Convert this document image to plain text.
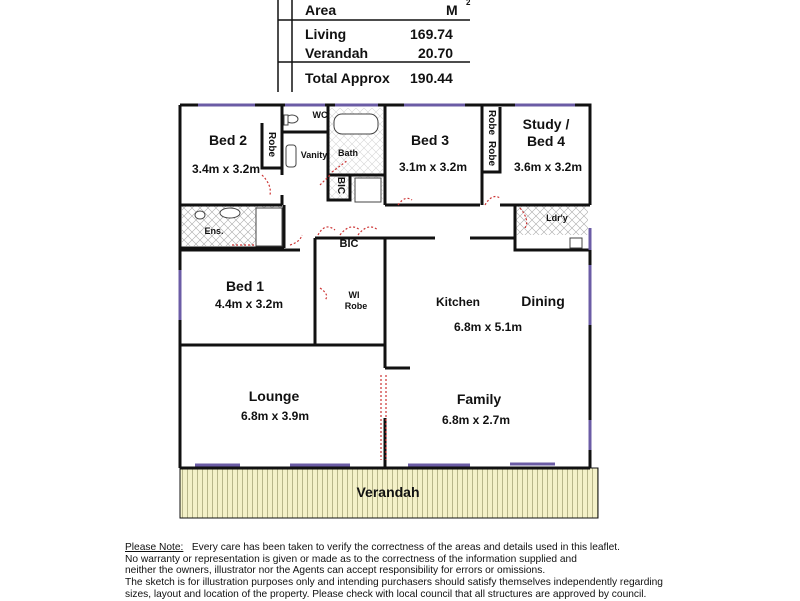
Area	M 2
Living	169.74
Verandah	20.70
Total Approx 190.44
Bed 2
3.4m x 3.2m
Robe
WC
Vanity Bath
BIC
Bed 3
3.1m x 3.2m
Robe
Robe
Study /
Bed 4
3.6m x 3.2m
Ldr'y
Ens.
BIC
Bed 1
4.4m x 3.2m
WI
Robe	Kitchen	Dining
6.8m x 5.1m
Lounge
6.8m x 3.9m
Family
6.8m x 2.7m
Verandah
Please Note:   Every care has been taken to verify the correctness of the areas and details used in this leaflet.
No warranty or representation is given or made as to the correctness of the information supplied and
neither the owners, illustrator nor the Agents can accept responsibility for errors or omissions.
The sketch is for illustration purposes only and intending purchasers should satisfy themselves independently regarding
sizes, layout and location of the property. Please check with local council that all structures are approved by council.
